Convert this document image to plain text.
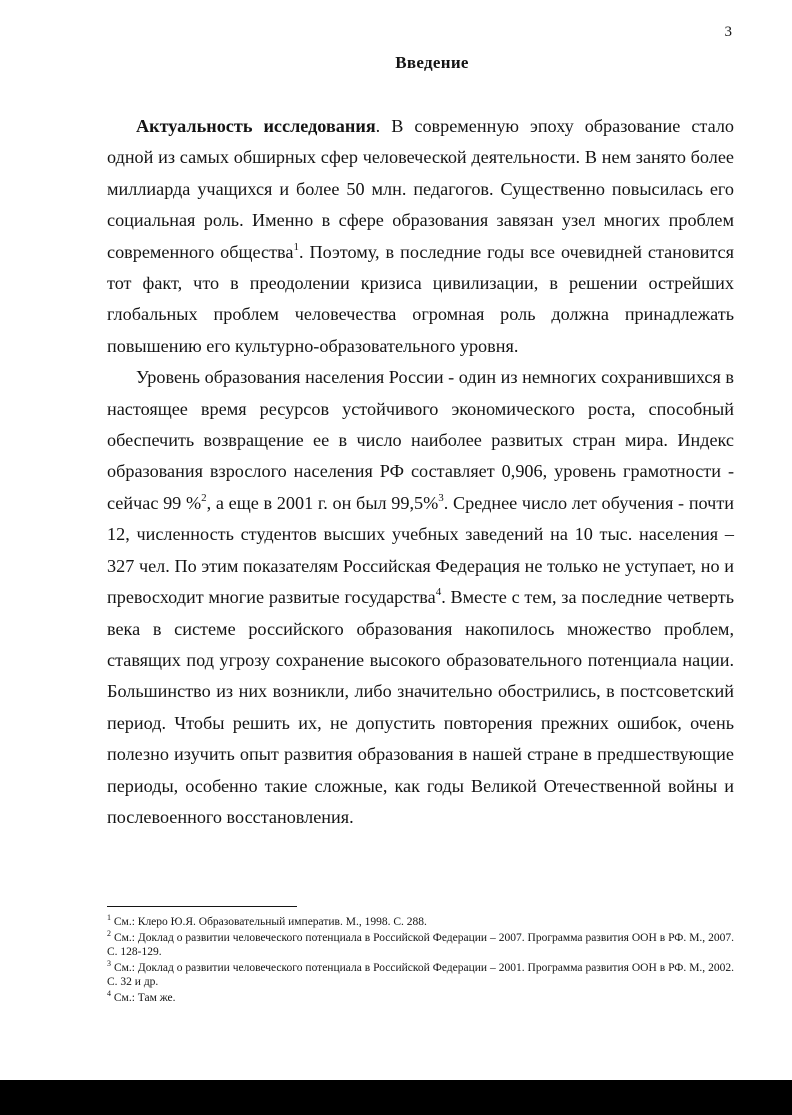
3
Введение

Актуальность исследования. В современную эпоху образование стало одной из самых обширных сфер человеческой деятельности. В нем занято более миллиарда учащихся и более 50 млн. педагогов. Существенно повысилась его социальная роль. Именно в сфере образования завязан узел многих проблем современного общества$^1$. Поэтому, в последние годы все очевидней становится тот факт, что в преодолении кризиса цивилизации, в решении острейших глобальных проблем человечества огромная роль должна принадлежать повышению его культурно-образовательного уровня.

Уровень образования населения России - один из немногих сохранившихся в настоящее время ресурсов устойчивого экономического роста, способный обеспечить возвращение ее в число наиболее развитых стран мира. Индекс образования взрослого населения РФ составляет 0,906, уровень грамотности - сейчас 99 %$^2$, а еще в 2001 г. он был 99,5%$^3$. Среднее число лет обучения - почти 12, численность студентов высших учебных заведений на 10 тыс. населения – 327 чел. По этим показателям Российская Федерация не только не уступает, но и превосходит многие развитые государства$^4$. Вместе с тем, за последние четверть века в системе российского образования накопилось множество проблем, ставящих под угрозу сохранение высокого образовательного потенциала нации. Большинство из них возникли, либо значительно обострились, в постсоветский период. Чтобы решить их, не допустить повторения прежних ошибок, очень полезно изучить опыт развития образования в нашей стране в предшествующие периоды, особенно такие сложные, как годы Великой Отечественной войны и послевоенного восстановления.

$^1$ См.: Клеро Ю.Я. Образовательный императив. М., 1998. С. 288.
$^2$ См.: Доклад о развитии человеческого потенциала в Российской Федерации – 2007. Программа развития ООН в РФ. М., 2007. С. 128-129.
$^3$ См.: Доклад о развитии человеческого потенциала в Российской Федерации – 2001. Программа развития ООН в РФ. М., 2002. С. 32 и др.
$^4$ См.: Там же.
